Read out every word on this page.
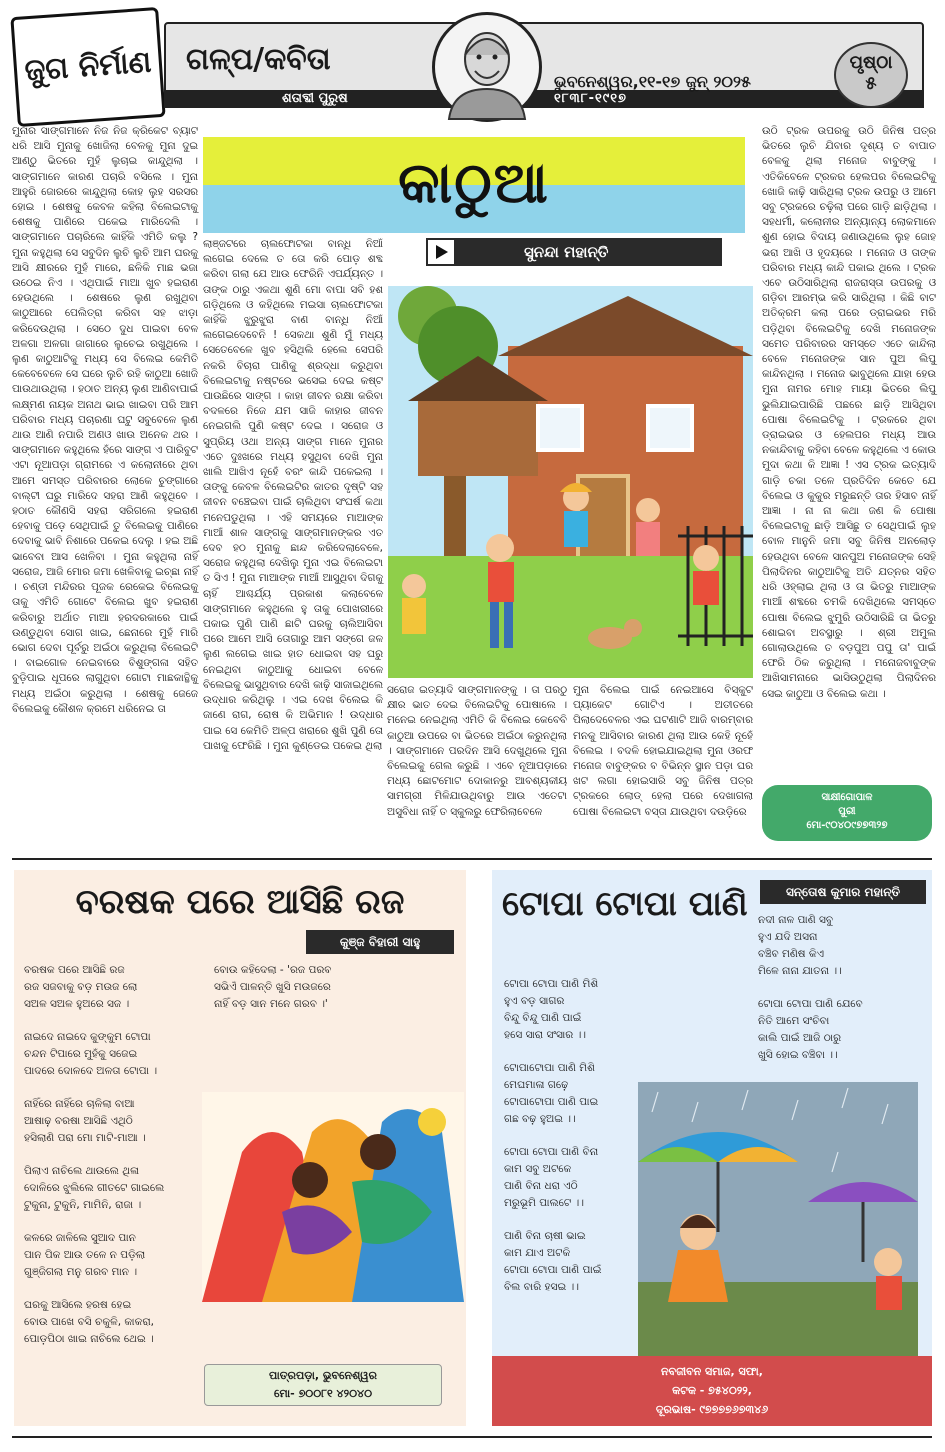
ଜୁଗ ନିର୍ମାଣ	ଗଳ୍ପ/କବିତା
ଭୁବନେଶ୍ୱର,୧୧-୧୭ ଜୁନ୍ ୨୦୨୫
ଶତାବ୍ଦୀ ପୁରୁଷ	୧୮୩୮-୧୯୧୭
ପୃଷ୍ଠା
୫
ମୁନାର ସାଙ୍ଗମାନେ ନିଜ ନିଜ କ୍ରିକେଟ ବ୍ୟାଟ ଧରି ଆସି ମୁନାକୁ ଖୋଜିଲା ବେଳକୁ ମୁନା ଦୁଇ ଆଣ୍ଠୁ ଭିତରେ ମୁହଁ ଲୁଚାଇ କାନ୍ଦୁଥିଲା । ସାଙ୍ଗମାନେ କାରଣ ପଚାରି ବସିଲେ । ମୁନା ଆହୁରି ଜୋରରେ କାନ୍ଦୁଥିଲା କୋହ ଲୁହ ସରସର ହୋଇ । ଶେଷକୁ କେବଳ କହିଲା ବିଲେଇଟାକୁ ଶେଷକୁ ପାଣିରେ ପକେଇ ମାରିଦେଲି । ସାଙ୍ଗମାନେ ପଚାରିଲେ କାହିଁକି ଏମିତି କଲୁ ? ମୁନା କହୁଥିଲା ସେ ସବୁଦିନ ଲୁଚି ଲୁଚି ଆମ ଘରକୁ ଆସି କ୍ଷୀରରେ ମୁହଁ ମାରେ, ଛଳିକି ମାଛ ଭଜା ଉଠେଇ ନିଏ । ଏଥିପାଇଁ ମାଆ ଖୁବ ହଇରାଣ ହେଉଥିଲେ । ଶେଷରେ ଲୁଣ ରଖୁଥିବା କାଠୁଆରେ ପେଲିତ୍ରା କରିବା ସହ ଝାଡ଼ା କରିଦେଉଥିଲା । ସେଠେ ଦୁଧ ପାଇବା ବେଳ ଅଳଗା ଅଳଗା ଜାଗାରେ ଲୁଚେଇ ରଖୁଥିଲେ । ଲୁଣ କାଠୁଆଟିକୁ ମଧ୍ୟ ସେ ବିଲେଇ କେମିତି କେବେବେଳେ ସେ ଘରେ ଲୁଚି ରହି କାଠୁଆ ଖୋଜି ପାଉଥାଉଥିଲା । ହଠାତ ଅନ୍ୟ ଲୁଣ ଆଣିବାପାଇଁ ଲକ୍ଷ୍ମଣ ନାୟକ ଅନାଥ ଭାଇ ଖାଇବା ପରି ଆମ ପରିବାର ମଧ୍ୟ ପଚାରଣା ଘଟୁ ସବୁବେଳେ ଲୁଣ ଥାଉ ଆଣି ନପାରି ଅଣଓ ଖାଉ ଅନେକ ଥର । ସାଙ୍ଗମାନେ କହୁଥିଲେ ହଁରେ ସାଙ୍ଗ ଏ ପାରିବୁଟ ଏଟା ନୂଆପଡ଼ା ଗ୍ରାମରେ ଏ କଲୋନୀରେ ଥିବା ଆମେ ସମସ୍ତ ପରିବାରର ଲୋକେ ଚୁଙ୍ଗାରେ ବାଲ୍ଟୀ ଘରୁ ମାରିଦେ ସହରା ଆଣି କହୁଥିବେ । ହଠାତ କୌଣସି ସହରା ସରିଗଲେ ହଇରାଣ ହେବାକୁ ପଡ଼େ ସେଥିପାଇଁ ତୁ ବିଲେଇକୁ ପାଣିରେ ଦେବାକୁ ଭାବି ନିଶାରେ ପକେଇ ଦେଲୁ । ହଇ ଅଛି ଭାବେବା ଆସ ଖେଳିବା । ମୁନା କହୁଥିଲା ନାହିଁ ସରୋଜ, ଆଜି ମୋର ଜମା ଖେଳିବାକୁ ଇଚ୍ଛା ନାହିଁ । ଚଣ୍ଡୀ ମନ୍ଦିରର ପୂଜକ ରେକେଇ ବିଲେଇକୁ ତାକୁ ଏମିତି ଗୋଟେ ବିଲେଇ ଖୁବ ହଇରାଣ କରିବାରୁ ଅର୍ଥାତ ମାଆ ହରଦରକାରେ ପାଇଁ ଉଣ୍ଡୁଥିବା ସୋଗ ଖାଇ, ଛେନାରେ ମୁହଁ ମାରି ଭୋଗ ଦେବା ପୂର୍ବରୁ ଅଇଁଠା କରୁଥିଲା ବିଲେଇଟି । ବାଇଗୋଳ ନେଇବାରେ ବିଶୁଙ୍ଗଳା ସହିତ ବୁଡ଼ିପାଇ ଧୂପରେ ଲାଗୁଥିବା ଗୋଟା ମାଛକାନ୍ଥିକୁ ମଧ୍ୟ ଅଇଁଠା କରୁଥିଲା । ଶେଷକୁ ଜେଜେ ବିଲେଇକୁ କୌଶଳ କ୍ରମେ ଧରିନେଇ ତା
କାଠୁଆ
ସୁନନ୍ଦା ମହାନ୍ତି
ଲାଞ୍ଜଟରେ ଚାଲଫୋଟକା ବାନ୍ଧି ନିଆଁ ଲଗେଇ ଦେଲେ ତ ତୋ କରି ପୋଡ଼ ଶବ୍ଦ କରିବା ଗଲା ଯେ ଆଉ ଫେରିନି ଏପର୍ଯ୍ୟନ୍ତ । ତାଙ୍କ ଠାରୁ ଏକଥା ଶୁଣି ମୋ ବାପା ସବି ହଶ ଗଡ଼ିଥିଲେ ଓ କହିଥିଲେ ମଇସା ଚାଲଫୋଟକା କାହିଁକି ଝୁରୁଝୁରା ବାଣ ବାନ୍ଧି ନିଆଁ ଲଗେଇଦେବେନି ! ସେକଥା ଶୁଣି ମୁଁ ମଧ୍ୟ ସେତେବେଳେ ଖୁବ ହସିଥିଲି ହେଲେ ସେପରି ନକରି ବିଚାରା ପାଣିକୁ ଶ୍ରଦ୍ଧା କରୁଥିବା ବିଲେଇଟାକୁ ନଷ୍ଟରେ ଭସେଇ ଦେଇ କଷ୍ଟ ପାଉଛିରେ ସାଙ୍ଗ । କାହା ଜୀବନ ରକ୍ଷା କରିବା ବଦଳରେ ନିଜେ ଯମ ସାଜି କାହାର ଜୀବନ ନେଇଗଲି ପୁଣି କଷ୍ଟ ଦେଇ । ସରୋଜ ଓ ସୁପ୍ରିୟ ଓଥା ଅନ୍ୟ ସାଙ୍ଗ ମାନେ ମୁନାର ଏତେ ଦୁଃଖରେ ମଧ୍ୟ ହସୁଥିବା ଦେଖି ମୁନା ଖାଲି ଆଖିଏ ନୂହେଁ ବରଂ କାନ୍ଦି ପକେଇଲା । ତାଙ୍କୁ କେବଳ ବିଲେଇଟିର କାତର ଦୃଷ୍ଟି ସହ ଜୀବନ ବଞ୍ଚେଇବା ପାଇଁ ଚାଲିଥିବା ସଂଘର୍ଷ କଥା ମନେପଡୁଥିଲା । ଏହି ସମୟରେ ମାଆଙ୍କ ମାଆଁ ଶାଳ ସାଙ୍ଗକୁ ସାଙ୍ଗମାନଙ୍କର ଏତ ଦେବ ହଠ ମୁନାକୁ ଛାନ୍ଦ କରିଦେଲାବେଳେ, ସରୋଜ କହୁଥିଲା ଦେଖିଲୁ ମୁନା ଏଇ ବିଲେଇଟା ତ ସିଏ ! ମୁନା ମାଆଙ୍କ ମାଆଁ ଆସୁଥିବା ଦିଗକୁ ଚାହିଁ ଆଶ୍ଚର୍ଯ୍ୟ ପ୍ରକାଶ କଲାବେଳେ ସାଙ୍ଗମାନେ କହୁଥିଲେ ହୁ ତାକୁ ପୋଖରୀରେ ପକାଇ ପୁଣି ପାଣି ଛାଟି ଘରକୁ ଚାଲିଆସିବା ପରେ ଆମେ ଆସି ତୋଗାରୁ ଆମ ସଙ୍ଗେ ଜଳ ଲୁଣ ଲଗେଇ ଖାଇ ହାତ ଧୋଇବା ସହ ଘରୁ ନେଇଥିବା କାଠୁଆକୁ ଧୋଇବା ବେଳେ ବିଲେଇକୁ ଭାସୁଥିବାର ଦେଖି କାଢ଼ି ସାଜାଇଥିଲେ ଉଦ୍ଧାର କରିଥିଲୁ । ଏଇ ଦେଖ ବିଲେଇ କି ଜାଣେ ରାଗ, ରୋଷ କି ଅଭିମାନ ! ଉଦ୍ଧାର ପାଇ ସେ କେମିତି ଅଳ୍ପ ଖରାରେ ଶୁଖି ପୁଣି ତୋ ପାଖକୁ ଫେରିଛି । ମୁନା କୁଣ୍ଡେଇ ପକେଇ ଥିଲା
ଉଠି ଟ୍ରକ ଉପରକୁ ଉଠି ଜିନିଷ ପତ୍ର ଭିତରେ ଲୁଚି ଯିବାର ଦୃଶ୍ୟ ତ ବାପାତ ବେଳକୁ ଥିଲା ମନୋଜ ବାବୁଙ୍କୁ । ଏତିକିବେଳେ ଟ୍ରକର ହେଲପର ବିଲେଇଟିକୁ ଖୋଜି କାଢ଼ି ସାରିଥିଲା ଟ୍ରକ ଉପରୁ ଓ ଆମେ ସବୁ ଟ୍ରକରେ ଚଢ଼ିଲା ପରେ ଗାଡ଼ି ଛାଡ଼ିଥିଲା । ସହଧର୍ମୀ, କଲୋନୀର ଅନ୍ୟାନ୍ୟ ଲୋକମାନେ ଶୁଣ ହୋଇ ବିଦାୟ ଜଣାଉଥିଲେ ଲୁହ ଜୋହ ଭରା ଆଖି ଓ ହୃଦୟରେ । ମନୋଜ ଓ ତାଙ୍କ ପରିବାର ମଧ୍ୟ କାନ୍ଦି ପକାଇ ଥିଲେ । ଟ୍ରକ ଏବେ ଉଠିସାରିଥିଲା ରାଜରାସ୍ତା ଉପରକୁ ଓ ଗଡ଼ିବା ଆରମ୍ଭ କରି ସାରିଥିଲା । କିଛି ବାଟ ଅତିକ୍ରମ କଲା ପରେ ଡ୍ରାଇଭର ମରି ପଡ଼ିଥିବା ବିଲେଇଟିକୁ ଦେଖି ମନୋଜଙ୍କ ସମେତ ପରିବାରର ସମସ୍ତେ ଏତେ କାନ୍ଦିଲା ବେଳେ ମନୋଜଙ୍କ ସାନ ପୁଅ ଲିପୁ କାନ୍ଦିନଥିଲା । ମନୋଜ ଭାବୁଥିଲେ ଯାହା ହେଉ ମୁନା ନାମର ମୋହ ମାୟା ଭିତରେ ଲିପୁ ଭୁଲିଯାଇପାରିଛି ପଛରେ ଛାଡ଼ି ଆସିଥିବା ପୋଷା ବିଲେଇଟିକୁ । ଟ୍ରକରେ ଥିବା ଡ୍ରାଇଭର ଓ ହେଲପର ମଧ୍ୟ ଆଉ ନକାନ୍ଦିବାକୁ କହିବା ବେଳେ କହୁଥିଲେ ଏ କୋଉ ମୁଦା କଥା କି ଆଜ୍ଞା ! ଏସ ଟ୍ରକ ଇତ୍ୟାଦି ଗାଡ଼ି ଚକା ତଳେ ପ୍ରତିଦିନ କେତେ ଯେ ବିଲେଇ ଓ କୁକୁର ମରୁଛନ୍ତି ତାର ହିସାବ ନାହିଁ ଆଜ୍ଞା । ନା ନା କଥା ଜଣ କି ପୋଷା ବିଲେଇଟାକୁ ଛାଡ଼ି ଆସିଛୁ ତ ସେଥିପାଇଁ ଲୁହ ବୋଳ ମାନୁନି ଜମା ସବୁ ଜିନିଷ ଅନଲୋଡ଼ ହେଉଥିବା ବେଳେ ସାନପୁଅ ମନୋଜଙ୍କ ସେହି ପିଲାଦିନର କାଠୁଆଟିକୁ ଅତି ଯତ୍ନର ସହିତ ଧରି ଓହ୍ଲାଇ ଥିଲା ଓ ତା ଭିତରୁ ମାଆଙ୍କ ମାଆଁ ଶବ୍ଦରେ ଚମକି ଦେଖିଥିଲେ ସମସ୍ତେ ପୋଷା ବିଲେଇ ଝୁମୁରି ଉଠିସାରିଛି ତା ଭିତରୁ ଶୋଇବା ଅବସ୍ଥାରୁ । ଶ୍ରୀ ଅମୁଲ ଗୋଲାଉଥିଲେ ତ ବଡ଼ପୁଅ ପପୁ ତା' ପାଇଁ ଫେରି ଠିକ କରୁଥିଲା । ମନୋଜବାବୁଙ୍କ ଆଖିସାମନାରେ ଭାସିଉଠୁଥିଲା ପିଲାଦିନର ସେଇ କାଠୁଆ ଓ ବିଲେଇ କଥା ।
ସରୋଜ ଇତ୍ୟାଦି ସାଙ୍ଗମାନଙ୍କୁ । ତା ପରଠୁ କ୍ଷୀର ଭାତ ଦେଇ ବିଲେଇଟିକୁ ପୋଷାଲେ । ମନେଇ ନେଇଥିଲା ଏମିତି କି ବିଲେଇ କେବେବି କାଠୁଆ ଉପରେ ବା ଭିତରେ ଅଇଁଠା କରୁନଥିଲା । ସାଙ୍ଗମାନେ ପରଦିନ ଆସି ଦେଖୁଥିଲେ ମୁନା ବିଲେଇକୁ ଗେଲ କରୁଛି । ଏବେ ନୂଆପଡ଼ାରେ ମଧ୍ୟ ଛୋଟମୋଟ ଦୋକାନରୁ ଆବଶ୍ୟକୀୟ ସାମଗ୍ରୀ ମିଳିଯାଉଥିବାରୁ ଆଉ ଏତେଟା ଅସୁବିଧା ନାହିଁ ତ ସ୍କୁଲରୁ ଫେରିଲାବେଳେ
ମୁନା ବିଲେଇ ପାଇଁ ନେଇଆସେ ବିସ୍କୁଟ ପ୍ୟାକେଟ ଗୋଟିଏ । ଅତୀତରେ ପିଲାଦେବେଳର ଏଇ ଘଟଣାଟି ଆଜି ବାରମ୍ବାର ମନକୁ ଆସିବାର କାରଣ ଥିଲା ଆଉ କେହି ନୂହେଁ ବିଲେଇ । ବଦଳି ହୋଇଯାଇଥିଲା ମୁନା ଓରଫ ମନୋଜ ବାବୁଙ୍କର ବ ବିଭିନ୍ନ ସ୍ଥାନ ପଡ଼ା ଘର ଖଟ ଲଗା ହୋଇସାରି ସବୁ ଜିନିଷ ପତ୍ର ଟ୍ରକରେ ଲୋଡ୍ ହେଲା ପରେ ଦେଖାଗଲା ପୋଷା ବିଲେଇଟା ବସ୍ତା ଯାଉଥିବା ଦଉଡ଼ିରେ
ସାକ୍ଷୀଗୋପାଳ
ପୁରୀ
ମୋ-୯୦୪୦୯୭୭୩୨୭
ବରଷକ ପରେ ଆସିଛି ରଜ
କୁଞ୍ଜ ବିହାରୀ ସାହୁ
ବରଷକ ପରେ ଆସିଛି ରଜ
ରଜ ସଜବାକୁ ବଡ଼ ମଉଜ ଲୋ
ସଅଳ ସଅଳ ହୁଅରେ ସଜ ।
ନାଇଦେ ନାଇଦେ କୁଙ୍କୁମ ଟୋପା
ଚନ୍ଦନ ଟିପାରେ ମୁହଁକୁ ସଜେଇ
ପାଦରେ ଦୋଳଦେ ଅଳତା ଟୋପା ।
ନାହିଁରେ ନାହିଁରେ ଚାଳିଲା ବାଆ
ଆଷାଢ଼ ବରଷା ଆସିଛି ଏଥିଠି
ହସିଲାଣି ପରା ମୋ ମାଟି-ମାଆ ।
ପିଲାଏ ନାଚିଲେ ଥାଉଲେ ଥିଳା
ଦୋଳିରେ ଝୁଲିଲେ ଗୀତଟେ ଗାଇଲେ
ଟୁକୁନା, ଟୁକୁନି, ମାମିନି, ରାଜା ।
କଳରେ ଜାଳିଲେ ସୁଆଦ ପାନ
ପାନ ପିକ ଆଉ ତଳେ ନ ପଡ଼ିଲା
ଗୁଞ୍ଜିଗଲା ମନୁ ଗରବ ମାନ ।
ଘରକୁ ଆସିଲେ ହରଷ ହେଇ
ବୋଉ ପାଖେ ବସି ଚକୁଳି, କାକରା,
ପୋଡ଼ପିଠା ଖାଇ ନାଚିଲେ ଥେଇ ।
ବୋଉ କହିଦେଲା - 'ରଜ ପରବ
ସଭିଏଁ ପାଳନ୍ତି ଖୁସି ମଉଜରେ
ନାହିଁ ବଡ଼ ସାନ ମନେ ଗରବ ।'
ପାତ୍ରପଡ଼ା, ଭୁବନେଶ୍ୱର
ମୋ- ୭୦୦୮୧ ୪୨୦୪୦
ଟୋପା ଟୋପା ପାଣି	ସନ୍ତୋଷ କୁମାର ମହାନ୍ତି
ଟୋପା ଟୋପା ପାଣି ମିଶି
ହୁଏ ବଡ଼ ସାଗର
ବିନ୍ଦୁ ବିନ୍ଦୁ ପାଣି ପାଇଁ
ହସେ ସାରା ସଂସାର ।।
ଟୋପାଟୋପା ପାଣି ମିଶି
ମେଘମାଳା ଗଢ଼େ
ଟୋପାଟୋପା ପାଣି ପାଇ
ଗଛ ବଢ଼ ହୁଅଇ ।।
ଟୋପା ଟୋପା ପାଣି ବିନା
କାମ ସବୁ ଅଟକେ
ପାଣି ବିନା ଧରା ଏଠି
ମରୁଭୂମି ପାଲଟେ ।।
ପାଣି ବିନା ଚାଷୀ ଭାଇ
କାମ ଯାଏ ଅଟକି
ଟୋପା ଟୋପା ପାଣି ପାଇଁ
ବିଲ ବାରି ହସଇ ।।
ନଦୀ ନାଳ ପାଣି ସବୁ
ହୁଏ ଯଦି ଅସନା
ବଞ୍ଚିବ ମଣିଷ କିଏ
ମିଳେ ନାନା ଯାତନା ।।
ଟୋପା ଟୋପା ପାଣି ଯେବେ
ନିତି ଆମେ ସଂଚିବା
କାଲି ପାଇଁ ଆଜି ଠାରୁ
ଖୁସି ହୋଇ ବଞ୍ଚିବା ।।
ନବଜୀବନ ସମାଜ, ସଫା,
କଟକ - ୭୫୪୦୨୨,
ଦୂରଭାଷ- ୯୭୭୭୭୬୭୩୪୬
